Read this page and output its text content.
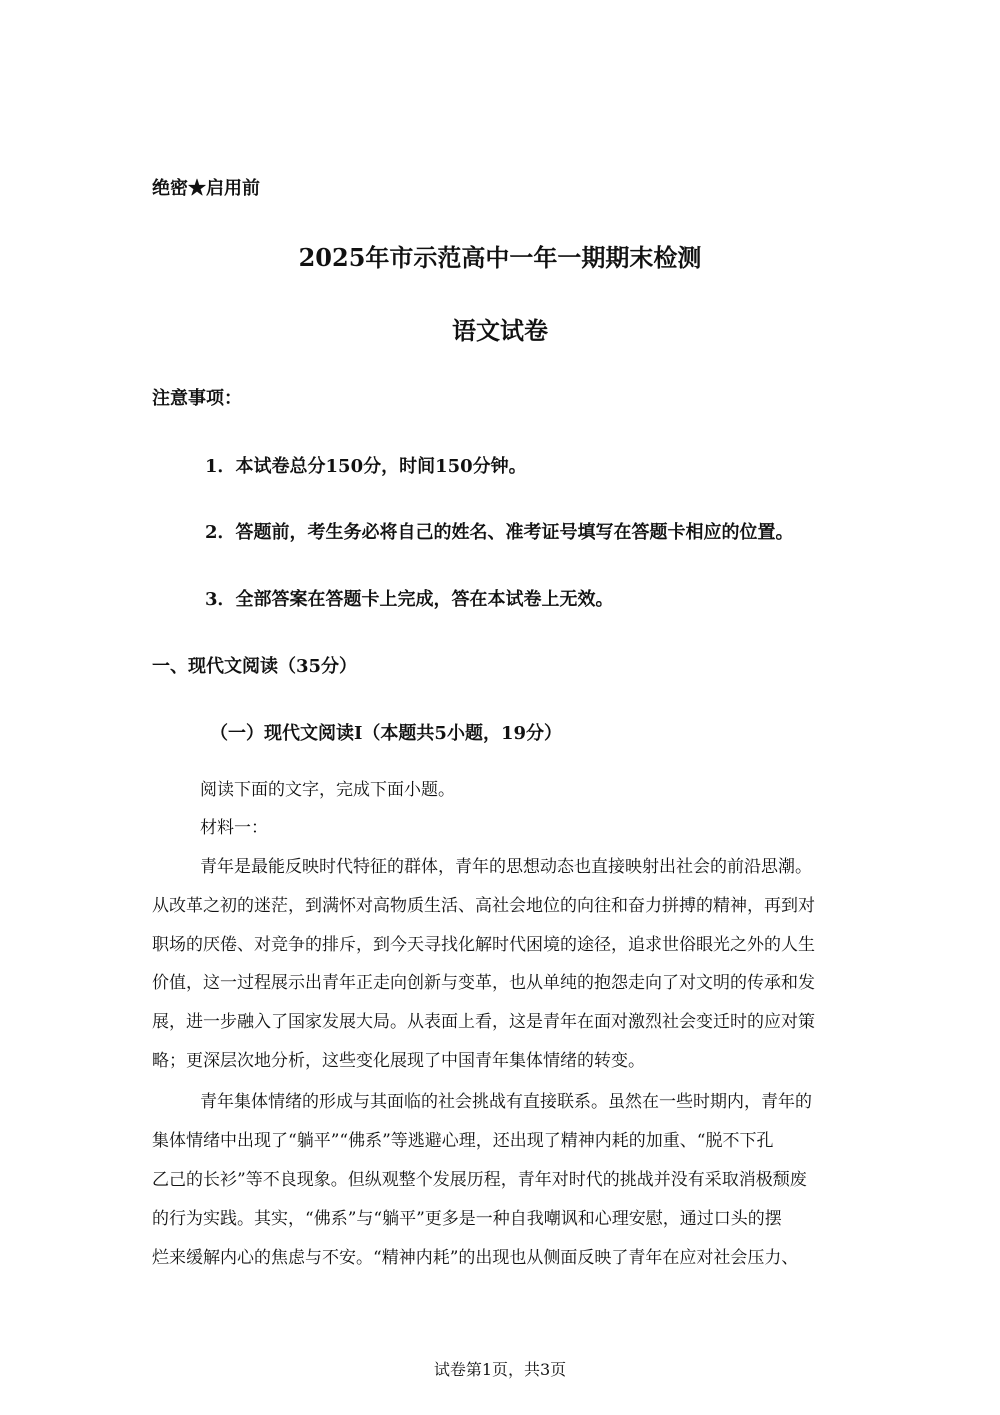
绝密★启用前
2025年市示范高中一年一期期末检测
语文试卷
注意事项：
1．本试卷总分150分，时间150分钟。
2．答题前，考生务必将自己的姓名、准考证号填写在答题卡相应的位置。
3．全部答案在答题卡上完成，答在本试卷上无效。
一、现代文阅读（35分）
（一）现代文阅读Ⅰ（本题共5小题，19分）
阅读下面的文字，完成下面小题。
材料一：
青年是最能反映时代特征的群体，青年的思想动态也直接映射出社会的前沿思潮。
从改革之初的迷茫，到满怀对高物质生活、高社会地位的向往和奋力拼搏的精神，再到对
职场的厌倦、对竞争的排斥，到今天寻找化解时代困境的途径，追求世俗眼光之外的人生
价值，这一过程展示出青年正走向创新与变革，也从单纯的抱怨走向了对文明的传承和发
展，进一步融入了国家发展大局。从表面上看，这是青年在面对激烈社会变迁时的应对策
略；更深层次地分析，这些变化展现了中国青年集体情绪的转变。
青年集体情绪的形成与其面临的社会挑战有直接联系。虽然在一些时期内，青年的
集体情绪中出现了“躺平”“佛系”等逃避心理，还出现了精神内耗的加重、“脱不下孔
乙己的长衫”等不良现象。但纵观整个发展历程，青年对时代的挑战并没有采取消极颓废
的行为实践。其实，“佛系”与“躺平”更多是一种自我嘲讽和心理安慰，通过口头的摆
烂来缓解内心的焦虑与不安。“精神内耗”的出现也从侧面反映了青年在应对社会压力、
试卷第1页，共3页
